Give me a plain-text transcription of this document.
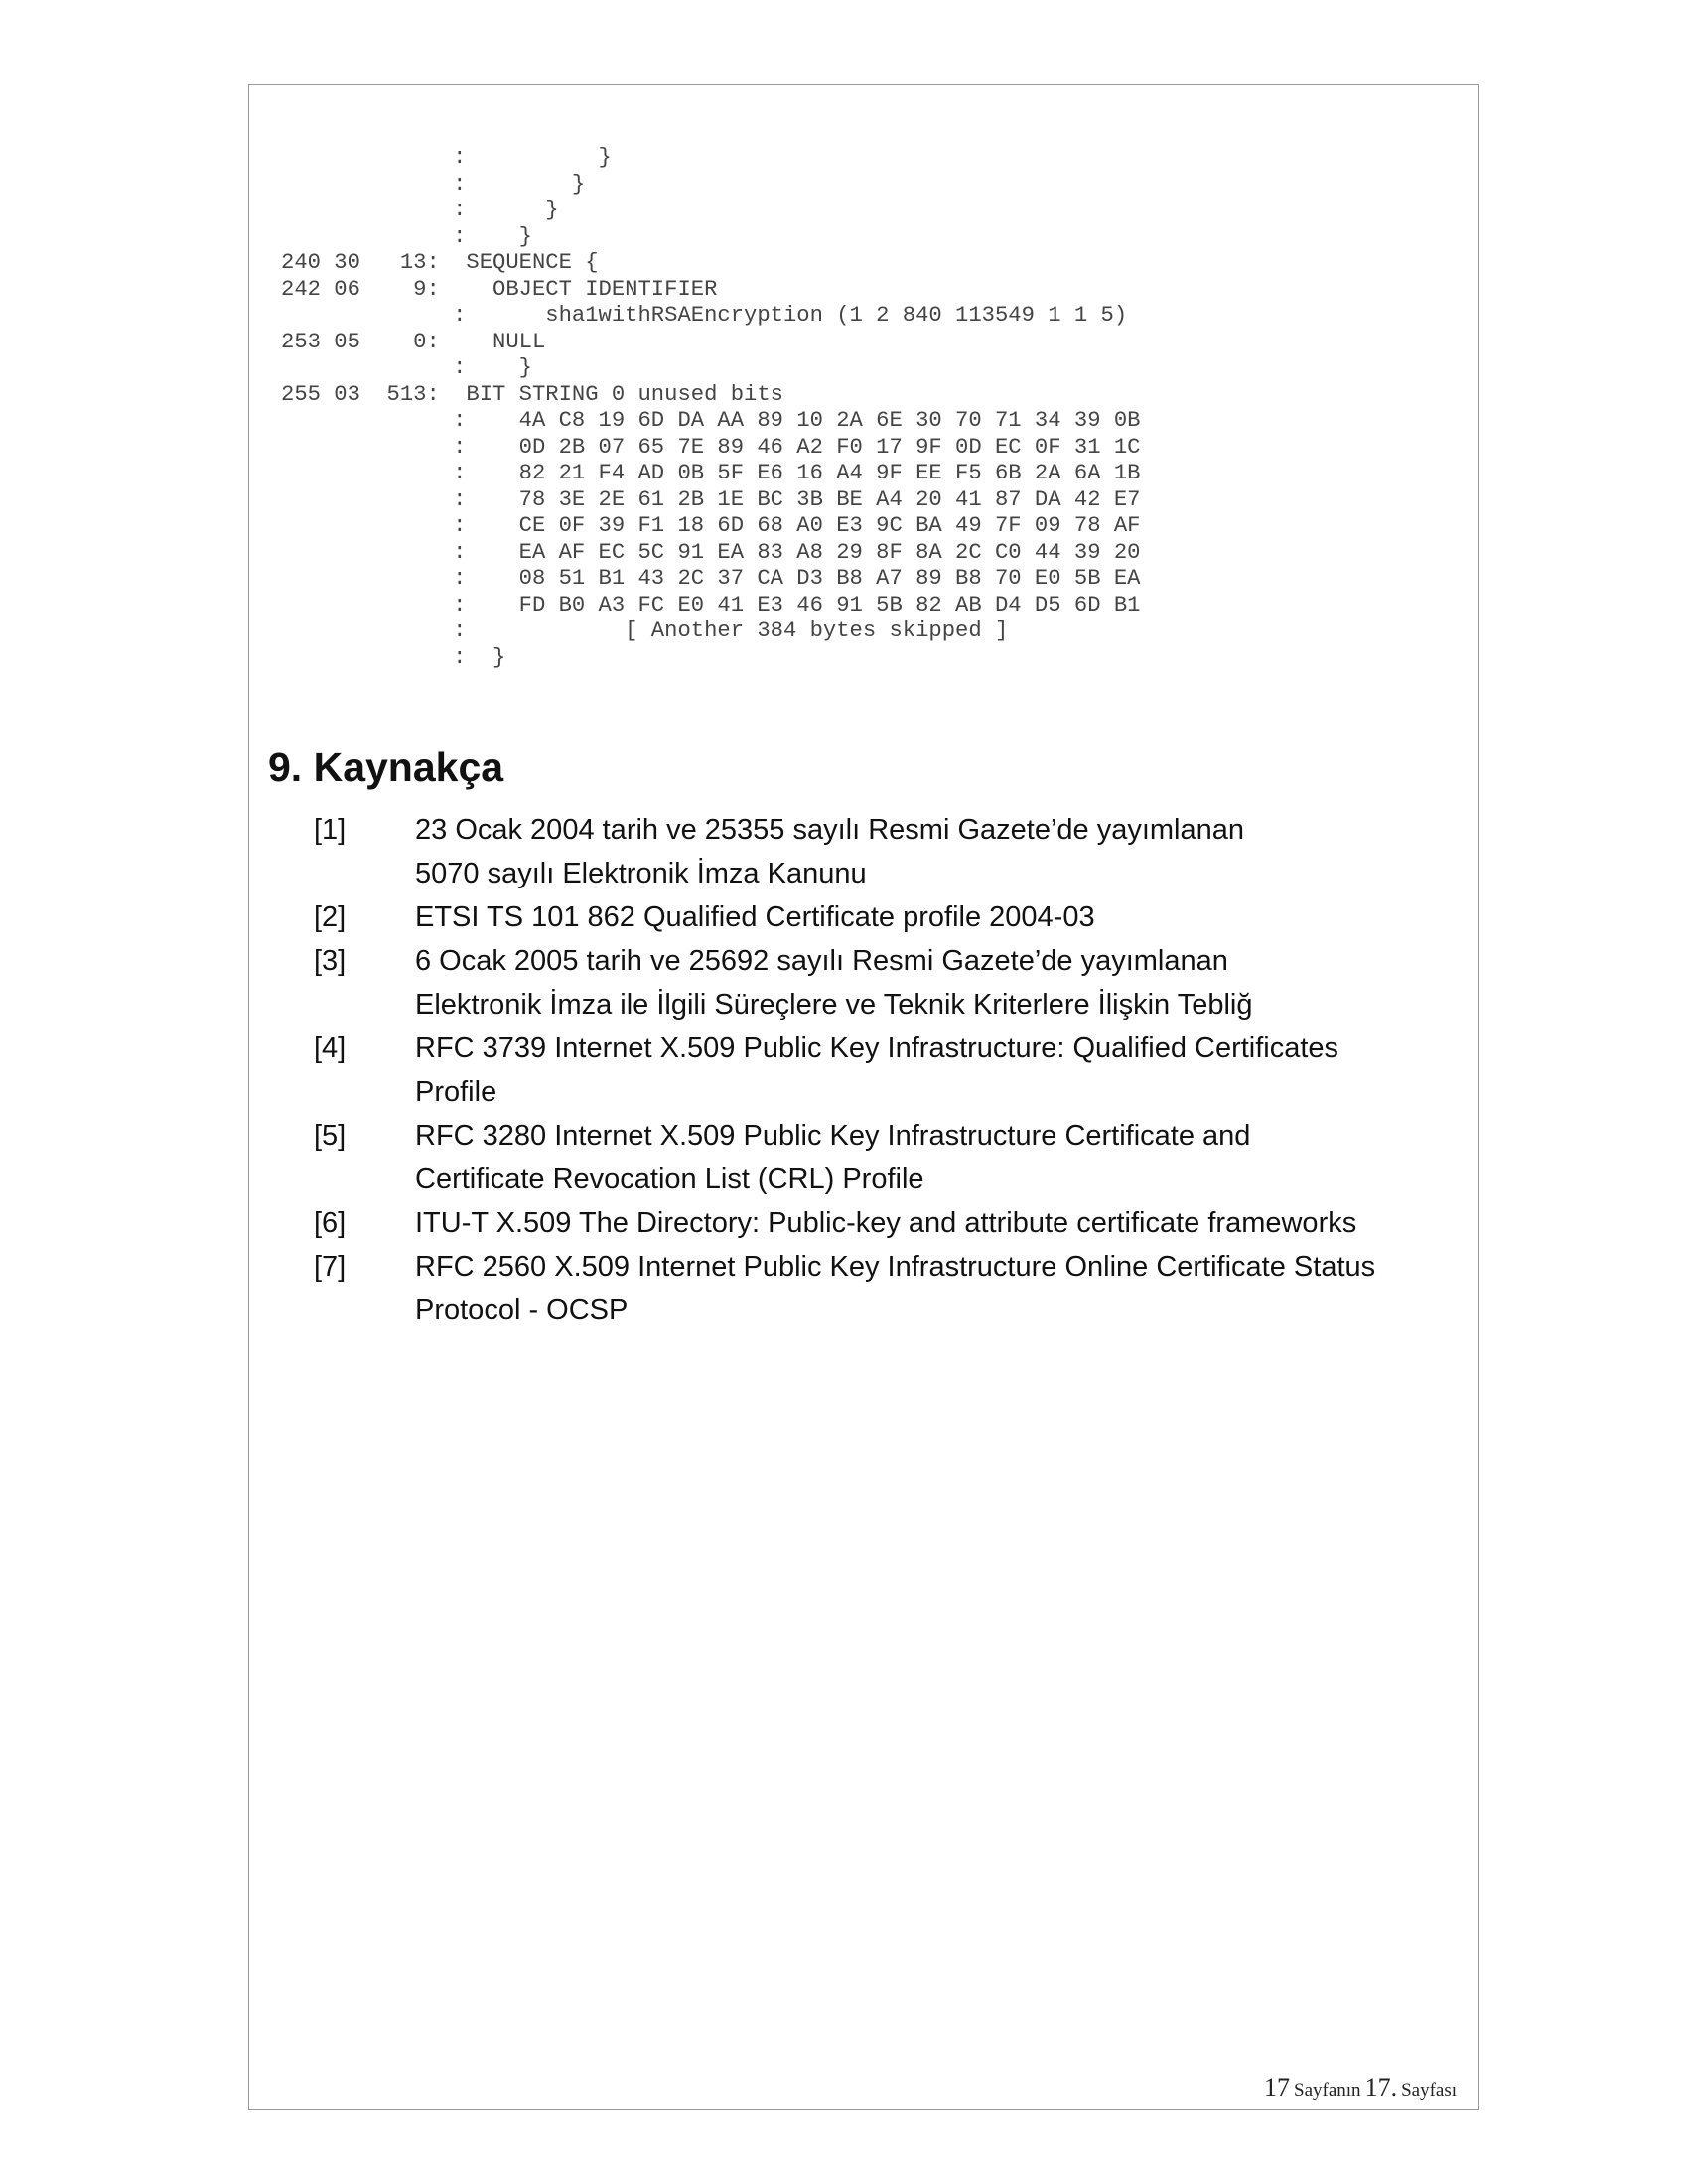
:          }
:        }
:      }
:    }
240 30   13:  SEQUENCE {
242 06    9:    OBJECT IDENTIFIER
:      sha1withRSAEncryption (1 2 840 113549 1 1 5)
253 05    0:    NULL
:    }
255 03  513:  BIT STRING 0 unused bits
:    4A C8 19 6D DA AA 89 10 2A 6E 30 70 71 34 39 0B
:    0D 2B 07 65 7E 89 46 A2 F0 17 9F 0D EC 0F 31 1C
:    82 21 F4 AD 0B 5F E6 16 A4 9F EE F5 6B 2A 6A 1B
:    78 3E 2E 61 2B 1E BC 3B BE A4 20 41 87 DA 42 E7
:    CE 0F 39 F1 18 6D 68 A0 E3 9C BA 49 7F 09 78 AF
:    EA AF EC 5C 91 EA 83 A8 29 8F 8A 2C C0 44 39 20
:    08 51 B1 43 2C 37 CA D3 B8 A7 89 B8 70 E0 5B EA
:    FD B0 A3 FC E0 41 E3 46 91 5B 82 AB D4 D5 6D B1
:            [ Another 384 bytes skipped ]
:  }
9. Kaynakça
[1] 23 Ocak 2004 tarih ve 25355 sayılı Resmi Gazete’de yayımlanan
5070 sayılı Elektronik İmza Kanunu
[2] ETSI TS 101 862 Qualified Certificate profile 2004-03
[3] 6 Ocak 2005 tarih ve 25692 sayılı Resmi Gazete’de yayımlanan
Elektronik İmza ile İlgili Süreçlere ve Teknik Kriterlere İlişkin Tebliğ
[4] RFC 3739 Internet X.509 Public Key Infrastructure: Qualified Certificates
Profile
[5] RFC 3280 Internet X.509 Public Key Infrastructure Certificate and
Certificate Revocation List (CRL) Profile
[6] ITU-T X.509 The Directory: Public-key and attribute certificate frameworks
[7] RFC 2560 X.509 Internet Public Key Infrastructure Online Certificate Status
Protocol - OCSP
17 Sayfanın 17. Sayfası
